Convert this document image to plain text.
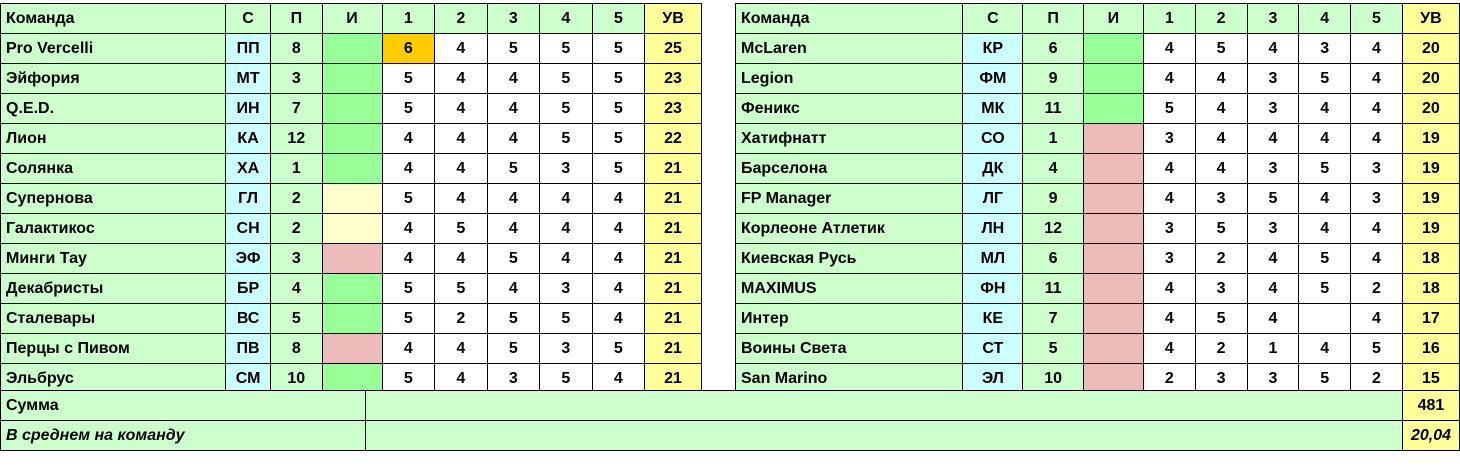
Команда	С	П	И	1	2	3	4	5	УВ
Pro Vercelli	ПП	8		6	4	5	5	5	25
Эйфория	МТ	3		5	4	4	5	5	23
Q.E.D.	ИН	7		5	4	4	5	5	23
Лион	КА	12		4	4	4	5	5	22
Солянка	ХА	1		4	4	5	3	5	21
Супернова	ГЛ	2		5	4	4	4	4	21
Галактикос	СН	2		4	5	4	4	4	21
Минги Тау	ЭФ	3		4	4	5	4	4	21
Декабристы	БР	4		5	5	4	3	4	21
Сталевары	ВС	5		5	2	5	5	4	21
Перцы с Пивом	ПВ	8		4	4	5	3	5	21
Эльбрус	СМ	10		5	4	3	5	4	21
Команда	С	П	И	1	2	3	4	5	УВ
McLaren	КР	6		4	5	4	3	4	20
Legion	ФМ	9		4	4	3	5	4	20
Феникс	МК	11		5	4	3	4	4	20
Хатифнатт	СО	1		3	4	4	4	4	19
Барселона	ДК	4		4	4	3	5	3	19
FP Manager	ЛГ	9		4	3	5	4	3	19
Корлеоне Атлетик	ЛН	12		3	5	3	4	4	19
Киевская Русь	МЛ	6		3	2	4	5	4	18
MAXIMUS	ФН	11		4	3	4	5	2	18
Интер	КЕ	7		4	5	4		4	17
Воины Света	СТ	5		4	2	1	4	5	16
San Marino	ЭЛ	10		2	3	3	5	2	15
Сумма		481
В среднем на команду		20,04
